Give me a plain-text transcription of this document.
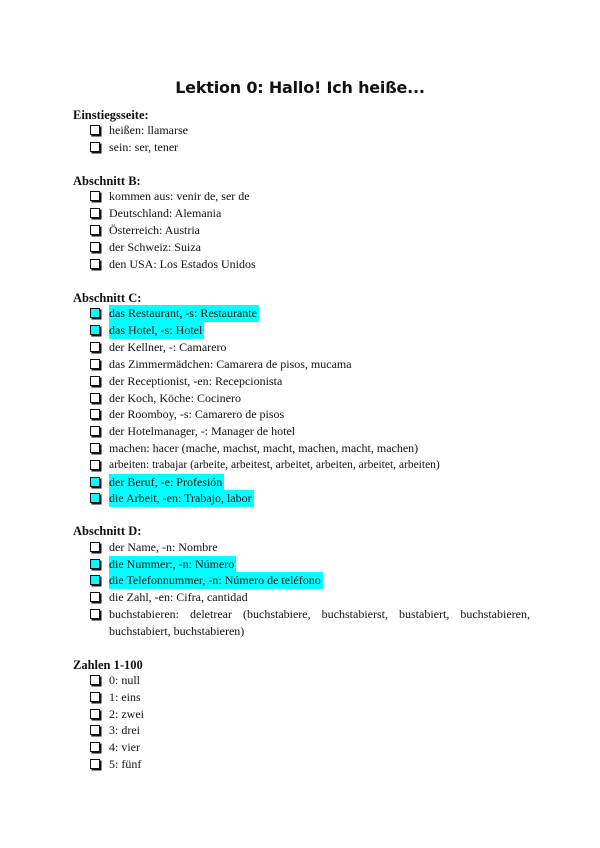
Lektion 0: Hallo! Ich heiße...
Einstiegsseite:
heißen: llamarse
sein: ser, tener
Abschnitt B:
kommen aus: venir de, ser de
Deutschland: Alemania
Österreich: Austria
der Schweiz: Suiza
den USA: Los Estados Unidos
Abschnitt C:
das Restaurant, -s: Restaurante
das Hotel, -s: Hotel
der Kellner, -: Camarero
das Zimmermädchen: Camarera de pisos, mucama
der Receptionist, -en: Recepcionista
der Koch, Köche: Cocinero
der Roomboy, -s: Camarero de pisos
der Hotelmanager, -: Manager de hotel
machen: hacer (mache, machst, macht, machen, macht, machen)
arbeiten: trabajar (arbeite, arbeitest, arbeitet, arbeiten, arbeitet, arbeiten)
der Beruf, -e: Profesión
die Arbeit, -en: Trabajo, labor
Abschnitt D:
der Name, -n: Nombre
die Nummer:, -n: Número
die Telefonnummer, -n: Número de teléfono
die Zahl, -en: Cifra, cantidad
buchstabieren: deletrear (buchstabiere, buchstabierst, bustabiert, buchstabieren, buchstabiert, buchstabieren)
Zahlen 1-100
0: null
1: eins
2: zwei
3: drei
4: vier
5: fünf
